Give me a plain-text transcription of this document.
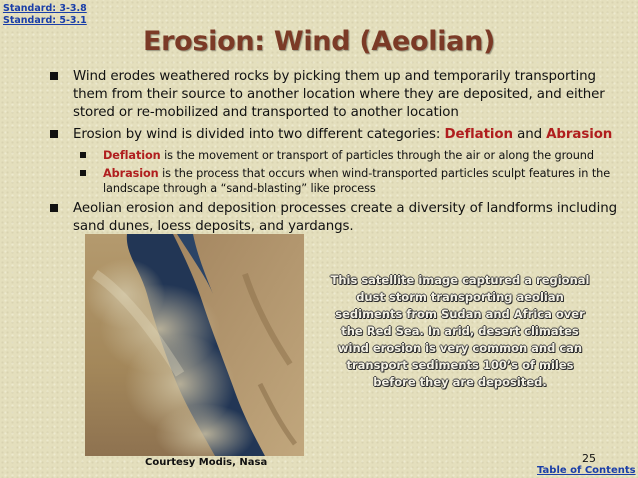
Standard: 3-3.8
Standard: 5-3.1
Erosion: Wind (Aeolian)
Wind erodes weathered rocks by picking them up and temporarily transporting them from their source to another location where they are deposited, and either stored or re-mobilized and transported to another location
Erosion by wind is divided into two different categories: Deflation and Abrasion
Deflation is the movement or transport of particles through the air or along the ground
Abrasion is the process that occurs when wind-transported particles sculpt features in the landscape through a “sand-blasting” like process
Aeolian erosion and deposition processes create a diversity of landforms including sand dunes, loess deposits, and yardangs.
This satellite image captured a regional dust storm transporting aeolian sediments from Sudan and Africa over the Red Sea. In arid, desert climates wind erosion is very common and can transport sediments 100’s of miles before they are deposited.
Courtesy Modis, Nasa	25
Table of Contents
